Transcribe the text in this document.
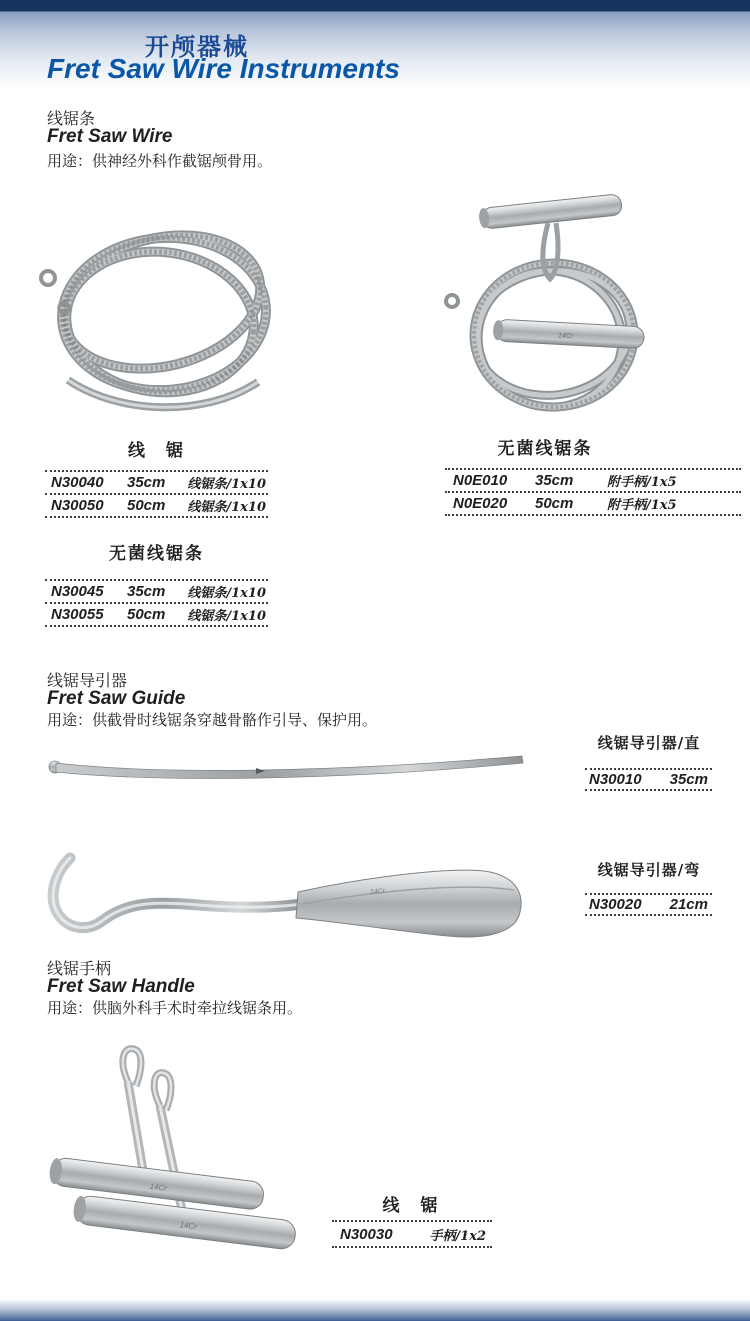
开颅器械
Fret Saw Wire Instruments
线锯条
Fret Saw Wire
用途：供神经外科作截锯颅骨用。
14Cr
线　锯
N30040	35cm	线锯条/1x10
N30050	50cm	线锯条/1x10
无菌线锯条
N0E010	35cm	附手柄/1x5
N0E020	50cm	附手柄/1x5
无菌线锯条
N30045	35cm	线锯条/1x10
N30055	50cm	线锯条/1x10
线锯导引器
Fret Saw Guide
用途：供截骨时线锯条穿越骨骼作引导、保护用。
线锯导引器/直
N30010	35cm
14Cr
线锯导引器/弯
N30020	21cm
线锯手柄
Fret Saw Handle
用途：供脑外科手术时牵拉线锯条用。
14Cr
14Cr
线　锯
N30030	手柄/1x2
